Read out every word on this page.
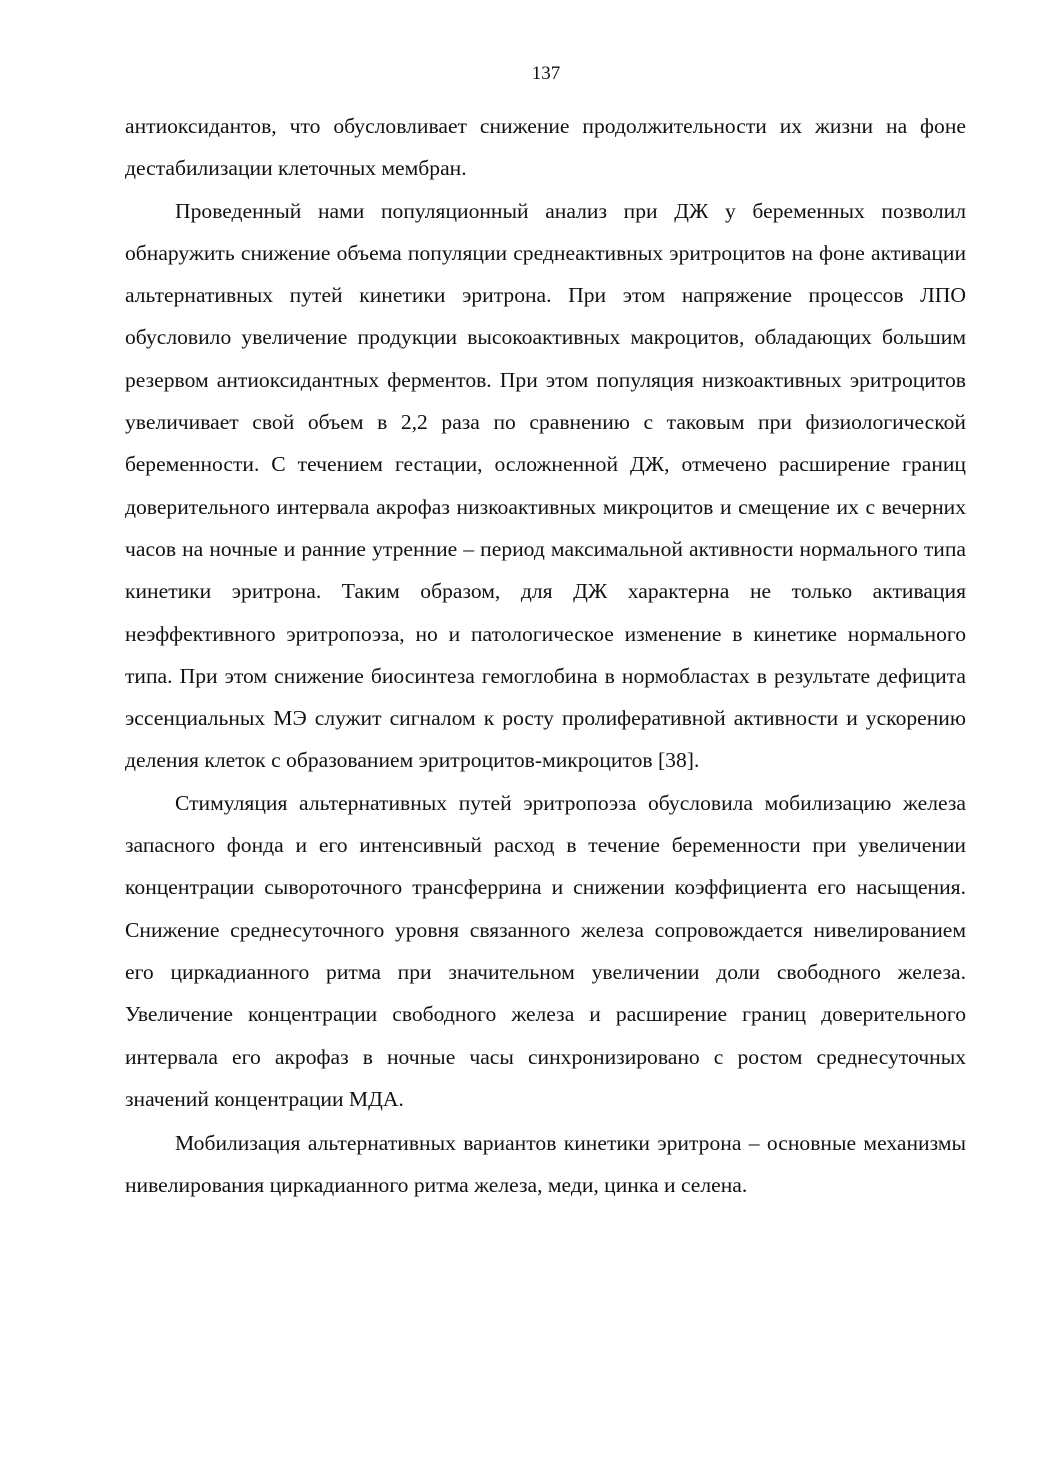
137

антиоксидантов, что обусловливает снижение продолжительности их жизни на фоне дестабилизации клеточных мембран.

Проведенный нами популяционный анализ при ДЖ у беременных позволил обнаружить снижение объема популяции среднеактивных эритроцитов на фоне активации альтернативных путей кинетики эритрона. При этом напряжение процессов ЛПО обусловило увеличение продукции высокоактивных макроцитов, обладающих большим резервом антиоксидантных ферментов. При этом популяция низкоактивных эритроцитов увеличивает свой объем в 2,2 раза по сравнению с таковым при физиологической беременности. С течением гестации, осложненной ДЖ, отмечено расширение границ доверительного интервала акрофаз низкоактивных микроцитов и смещение их с вечерних часов на ночные и ранние утренние – период максимальной активности нормального типа кинетики эритрона. Таким образом, для ДЖ характерна не только активация неэффективного эритропоэза, но и патологическое изменение в кинетике нормального типа. При этом снижение биосинтеза гемоглобина в нормобластах в результате дефицита эссенциальных МЭ служит сигналом к росту пролиферативной активности и ускорению деления клеток с образованием эритроцитов-микроцитов [38].

Стимуляция альтернативных путей эритропоэза обусловила мобилизацию железа запасного фонда и его интенсивный расход в течение беременности при увеличении концентрации сывороточного трансферрина и снижении коэффициента его насыщения. Снижение среднесуточного уровня связанного железа сопровождается нивелированием его циркадианного ритма при значительном увеличении доли свободного железа. Увеличение концентрации свободного железа и расширение границ доверительного интервала его акрофаз в ночные часы синхронизировано с ростом среднесуточных значений концентрации МДА.

Мобилизация альтернативных вариантов кинетики эритрона – основные механизмы нивелирования циркадианного ритма железа, меди, цинка и селена.
